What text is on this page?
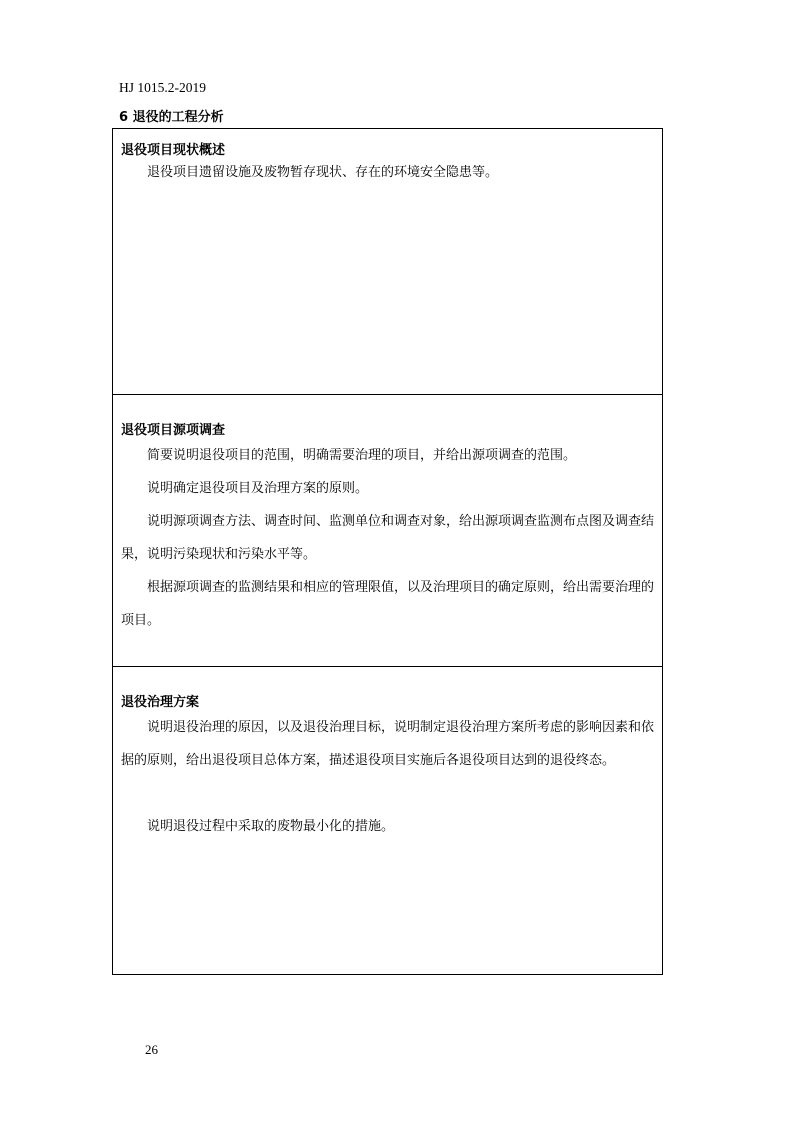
HJ 1015.2-2019
6 退役的工程分析
退役项目现状概述

退役项目遗留设施及废物暂存现状、存在的环境安全隐患等。

退役项目源项调查

简要说明退役项目的范围，明确需要治理的项目，并给出源项调查的范围。

说明确定退役项目及治理方案的原则。

说明源项调查方法、调查时间、监测单位和调查对象，给出源项调查监测布点图及调查结果，说明污染现状和污染水平等。

根据源项调查的监测结果和相应的管理限值，以及治理项目的确定原则，给出需要治理的项目。

退役治理方案

说明退役治理的原因，以及退役治理目标，说明制定退役治理方案所考虑的影响因素和依据的原则，给出退役项目总体方案，描述退役项目实施后各退役项目达到的退役终态。

说明退役过程中采取的废物最小化的措施。

26
